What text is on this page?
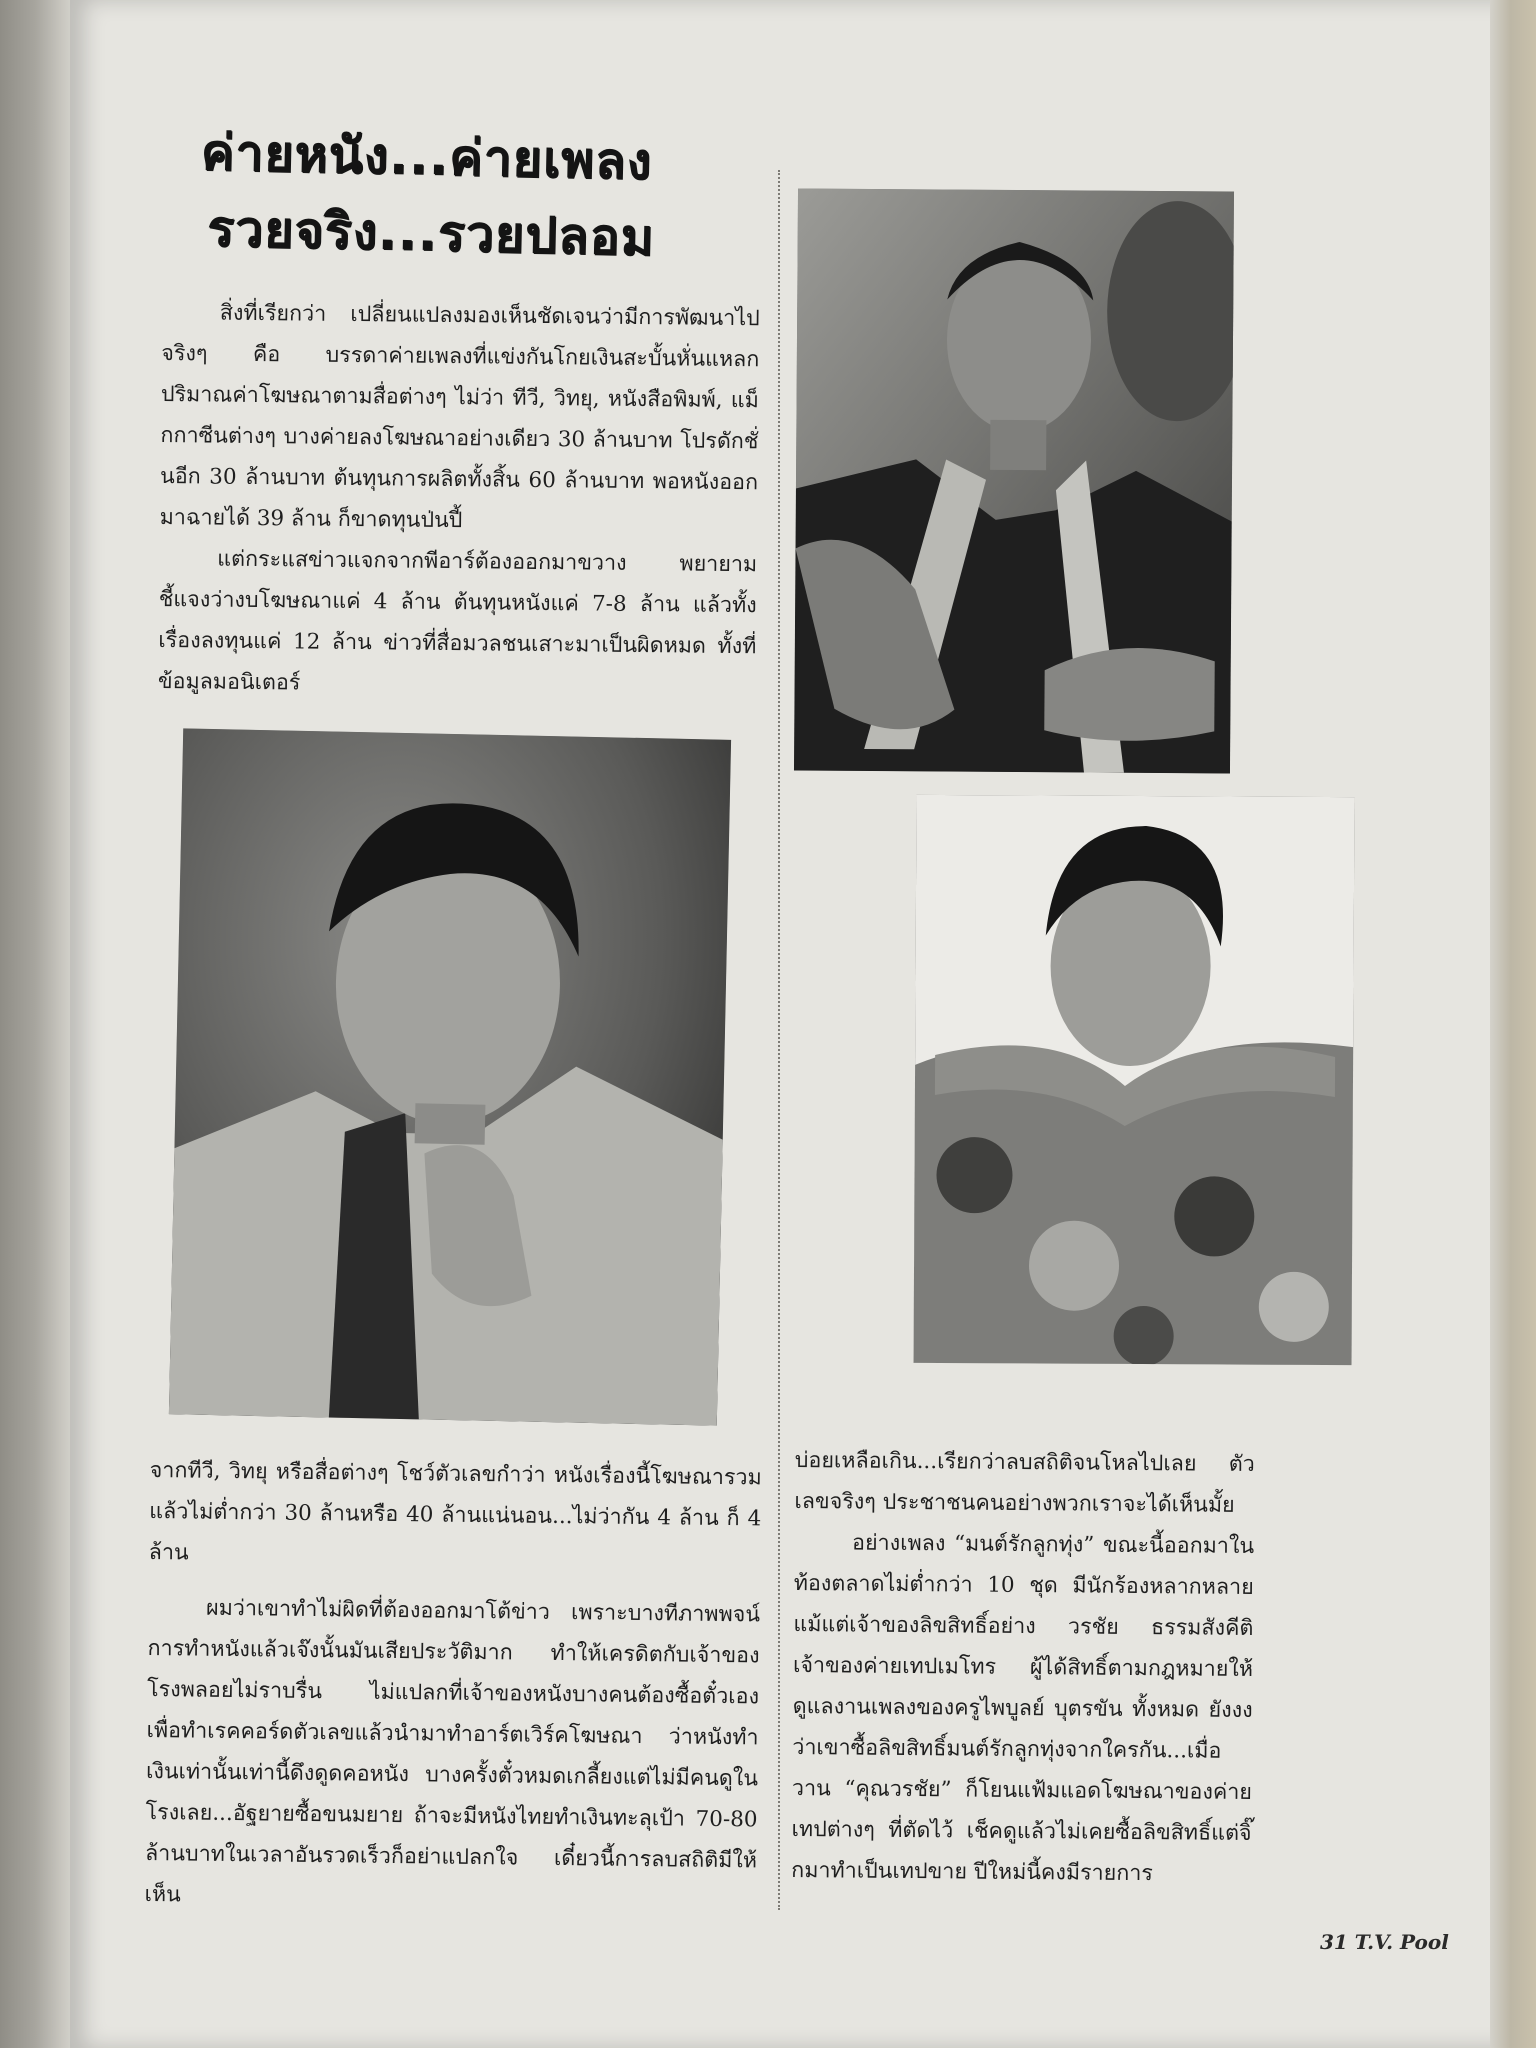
ค่ายหนัง...ค่ายเพลง
รวยจริง...รวยปลอม

สิ่งที่เรียกว่า เปลี่ยนแปลงมองเห็นชัดเจนว่ามีการพัฒนาไปจริงๆ คือ บรรดาค่ายเพลงที่แข่งกันโกยเงินสะบั้นหั่นแหลก ปริมาณค่าโฆษณาตามสื่อต่างๆ ไม่ว่า ทีวี, วิทยุ, หนังสือพิมพ์, แม็กกาซีนต่างๆ บางค่ายลงโฆษณาอย่างเดียว 30 ล้านบาท โปรดักชั่นอีก 30 ล้านบาท ต้นทุนการผลิตทั้งสิ้น 60 ล้านบาท พอหนังออกมาฉายได้ 39 ล้าน ก็ขาดทุนป่นปี้

แต่กระแสข่าวแจกจากพีอาร์ต้องออกมาขวาง พยายามชี้แจงว่างบโฆษณาแค่ 4 ล้าน ต้นทุนหนังแค่ 7-8 ล้าน แล้วทั้งเรื่องลงทุนแค่ 12 ล้าน ข่าวที่สื่อมวลชนเสาะมาเป็นผิดหมด ทั้งที่ข้อมูลมอนิเตอร์

จากทีวี, วิทยุ หรือสื่อต่างๆ โชว์ตัวเลขกำว่า หนังเรื่องนี้โฆษณารวมแล้วไม่ต่ำกว่า 30 ล้านหรือ 40 ล้านแน่นอน...ไม่ว่ากัน 4 ล้าน ก็ 4 ล้าน

ผมว่าเขาทำไม่ผิดที่ต้องออกมาโต้ข่าว เพราะบางทีภาพพจน์การทำหนังแล้วเจ๊งนั้นมันเสียประวัติมาก ทำให้เครดิตกับเจ้าของโรงพลอยไม่ราบรื่น ไม่แปลกที่เจ้าของหนังบางคนต้องซื้อตั๋วเอง เพื่อทำเรคคอร์ดตัวเลขแล้วนำมาทำอาร์ตเวิร์คโฆษณา ว่าหนังทำเงินเท่านั้นเท่านี้ดึงดูดคอหนัง บางครั้งตั๋วหมดเกลี้ยงแต่ไม่มีคนดูในโรงเลย...อัฐยายซื้อขนมยาย ถ้าจะมีหนังไทยทำเงินทะลุเป้า 70-80 ล้านบาทในเวลาอันรวดเร็วก็อย่าแปลกใจ เดี๋ยวนี้การลบสถิติมีให้เห็น

บ่อยเหลือเกิน...เรียกว่าลบสถิติจนโหลไปเลย ตัวเลขจริงๆ ประชาชนคนอย่างพวกเราจะได้เห็นมั้ย

อย่างเพลง “มนต์รักลูกทุ่ง” ขณะนี้ออกมาในท้องตลาดไม่ต่ำกว่า 10 ชุด มีนักร้องหลากหลาย แม้แต่เจ้าของลิขสิทธิ์อย่าง วรชัย ธรรมสังคีติ เจ้าของค่ายเทปเมโทร ผู้ได้สิทธิ์ตามกฎหมายให้ดูแลงานเพลงของครูไพบูลย์ บุตรขัน ทั้งหมด ยังงงว่าเขาซื้อลิขสิทธิ์มนต์รักลูกทุ่งจากใครกัน...เมื่อวาน “คุณวรชัย” ก็โยนแฟ้มแอดโฆษณาของค่ายเทปต่างๆ ที่ตัดไว้ เช็คดูแล้วไม่เคยซื้อลิขสิทธิ์แต่จิ๊กมาทำเป็นเทปขาย ปีใหม่นี้คงมีรายการ

31 T.V. Pool
